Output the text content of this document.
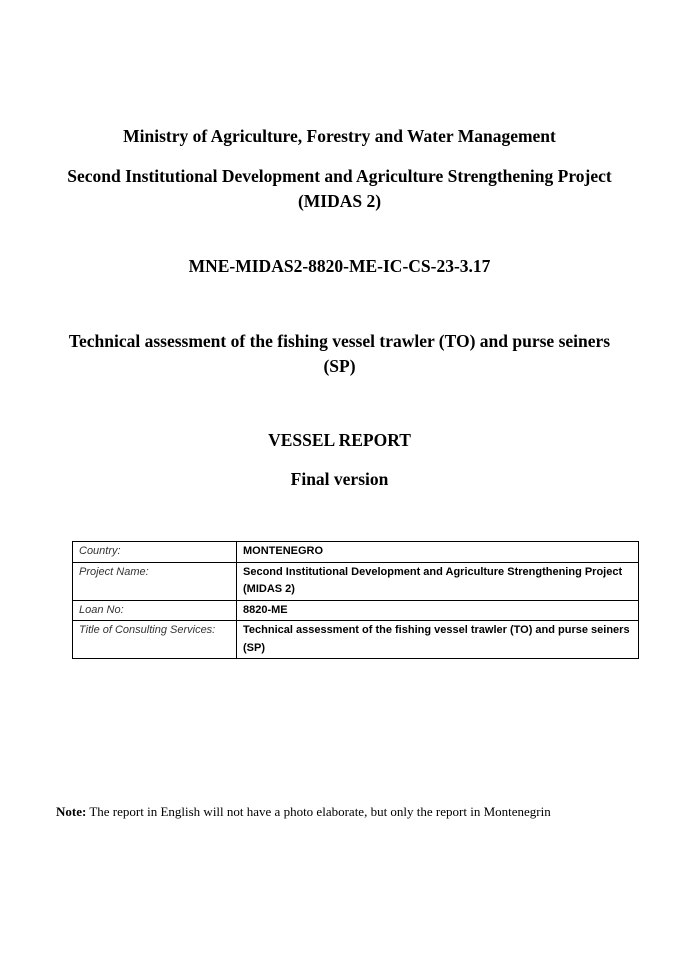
Ministry of Agriculture, Forestry and Water Management
Second Institutional Development and Agriculture Strengthening Project (MIDAS 2)
MNE-MIDAS2-8820-ME-IC-CS-23-3.17
Technical assessment of the fishing vessel trawler (TO) and purse seiners (SP)
VESSEL REPORT
Final version
Country:	MONTENEGRO
Project Name:	Second Institutional Development and Agriculture Strengthening Project (MIDAS 2)
Loan No:	8820-ME
Title of Consulting Services:	Technical assessment of the fishing vessel trawler (TO) and purse seiners (SP)
Note: The report in English will not have a photo elaborate, but only the report in Montenegrin
